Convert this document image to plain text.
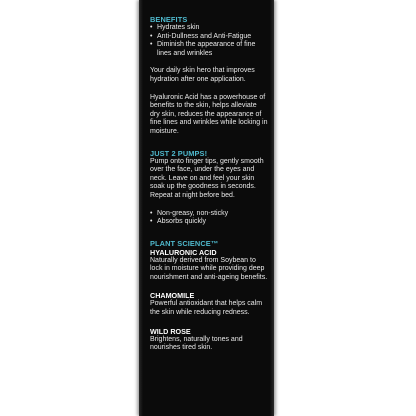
BENEFITS
• Hydrates skin
• Anti-Dullness and Anti-Fatigue
• Diminish the appearance of fine lines and wrinkles

Your daily skin hero that improves hydration after one application.

Hyaluronic Acid has a powerhouse of benefits to the skin, helps alleviate dry skin, reduces the appearance of fine lines and wrinkles while locking in moisture.

JUST 2 PUMPS!

Pump onto finger tips, gently smooth over the face, under the eyes and neck. Leave on and feel your skin soak up the goodness in seconds. Repeat at night before bed.

• Non-greasy, non-sticky
• Absorbs quickly
PLANT SCIENCE™
HYALURONIC ACID

Naturally derived from Soybean to lock in moisture while providing deep nourishment and anti-ageing benefits.

CHAMOMILE

Powerful antioxidant that helps calm the skin while reducing redness.

WILD ROSE

Brightens, naturally tones and nourishes tired skin.
